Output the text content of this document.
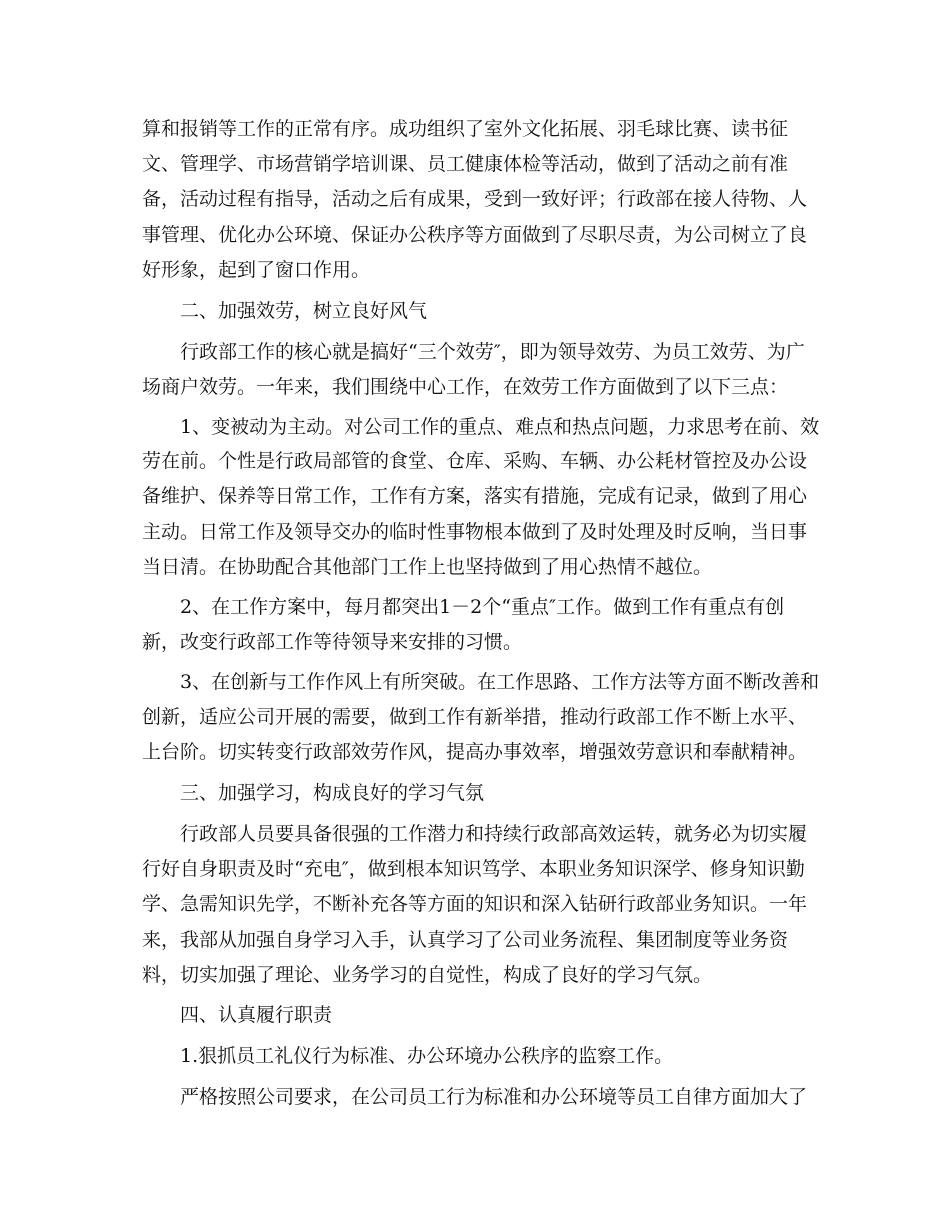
算和报销等工作的正常有序。成功组织了室外文化拓展、羽毛球比赛、读书征
文、管理学、市场营销学培训课、员工健康体检等活动，做到了活动之前有准
备，活动过程有指导，活动之后有成果，受到一致好评；行政部在接人待物、人
事管理、优化办公环境、保证办公秩序等方面做到了尽职尽责，为公司树立了良
好形象，起到了窗口作用。
二、加强效劳，树立良好风气
行政部工作的核心就是搞好“三个效劳″，即为领导效劳、为员工效劳、为广
场商户效劳。一年来，我们围绕中心工作，在效劳工作方面做到了以下三点：
1、变被动为主动。对公司工作的重点、难点和热点问题，力求思考在前、效
劳在前。个性是行政局部管的食堂、仓库、采购、车辆、办公耗材管控及办公设
备维护、保养等日常工作，工作有方案，落实有措施，完成有记录，做到了用心
主动。日常工作及领导交办的临时性事物根本做到了及时处理及时反响，当日事
当日清。在协助配合其他部门工作上也坚持做到了用心热情不越位。
2、在工作方案中，每月都突出1－2个“重点″工作。做到工作有重点有创
新，改变行政部工作等待领导来安排的习惯。
3、在创新与工作作风上有所突破。在工作思路、工作方法等方面不断改善和
创新，适应公司开展的需要，做到工作有新举措，推动行政部工作不断上水平、
上台阶。切实转变行政部效劳作风，提高办事效率，增强效劳意识和奉献精神。
三、加强学习，构成良好的学习气氛
行政部人员要具备很强的工作潜力和持续行政部高效运转，就务必为切实履
行好自身职责及时“充电″，做到根本知识笃学、本职业务知识深学、修身知识勤
学、急需知识先学，不断补充各等方面的知识和深入钻研行政部业务知识。一年
来，我部从加强自身学习入手，认真学习了公司业务流程、集团制度等业务资
料，切实加强了理论、业务学习的自觉性，构成了良好的学习气氛。
四、认真履行职责
1.狠抓员工礼仪行为标准、办公环境办公秩序的监察工作。
严格按照公司要求，在公司员工行为标准和办公环境等员工自律方面加大了
